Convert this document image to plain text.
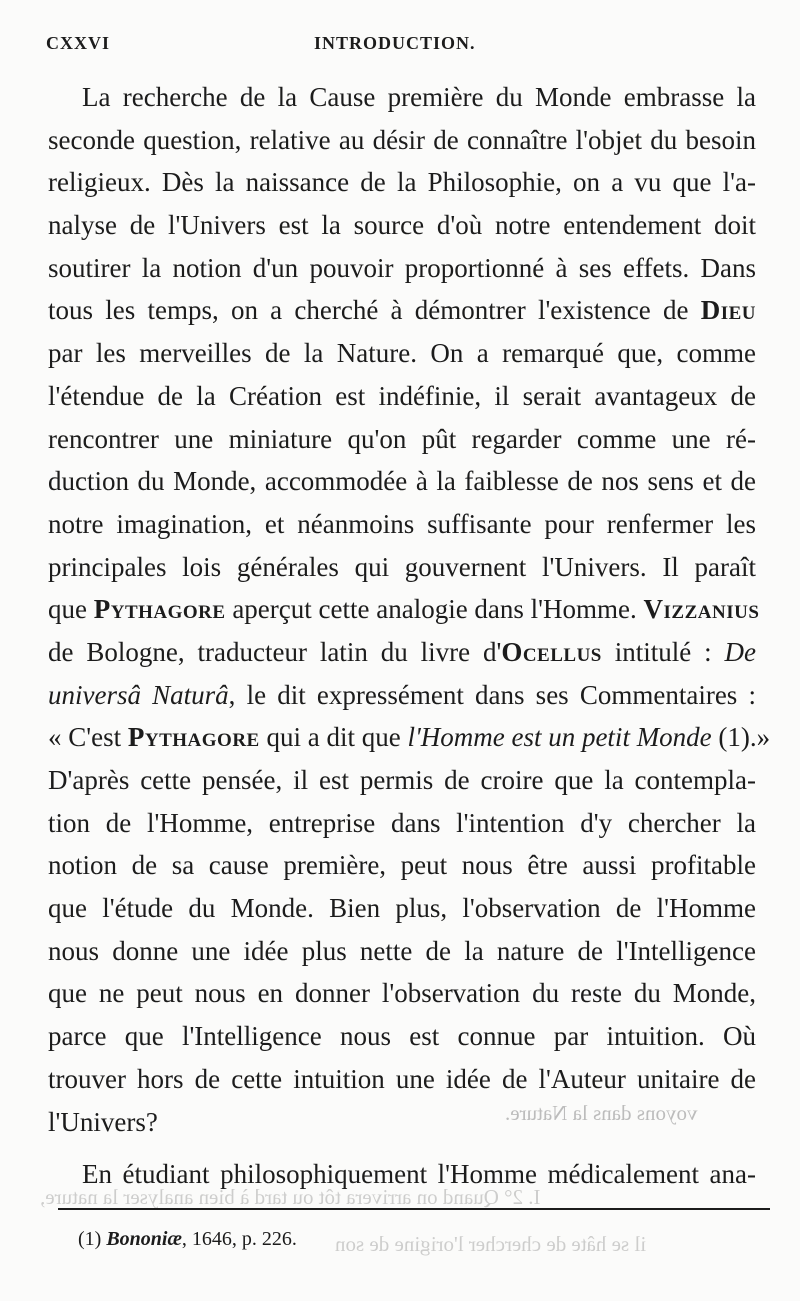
voyons dans la Nature.
I. 2° Quand on arrivera tôt ou tard à bien analyser la nature,
il se hâte de chercher l'origine de son
CXXVI	INTRODUCTION.
La recherche de la Cause première du Monde embrasse la
seconde question, relative au désir de connaître l'objet du besoin
religieux. Dès la naissance de la Philosophie, on a vu que l'a-
nalyse de l'Univers est la source d'où notre entendement doit
soutirer la notion d'un pouvoir proportionné à ses effets. Dans
tous les temps, on a cherché à démontrer l'existence de Dieu
par les merveilles de la Nature. On a remarqué que, comme
l'étendue de la Création est indéfinie, il serait avantageux de
rencontrer une miniature qu'on pût regarder comme une ré-
duction du Monde, accommodée à la faiblesse de nos sens et de
notre imagination, et néanmoins suffisante pour renfermer les
principales lois générales qui gouvernent l'Univers. Il paraît
que Pythagore aperçut cette analogie dans l'Homme. Vizzanius
de Bologne, traducteur latin du livre d'Ocellus intitulé : De
universâ Naturâ, le dit expressément dans ses Commentaires :
« C'est Pythagore qui a dit que l'Homme est un petit Monde (1).»
D'après cette pensée, il est permis de croire que la contempla-
tion de l'Homme, entreprise dans l'intention d'y chercher la
notion de sa cause première, peut nous être aussi profitable
que l'étude du Monde. Bien plus, l'observation de l'Homme
nous donne une idée plus nette de la nature de l'Intelligence
que ne peut nous en donner l'observation du reste du Monde,
parce que l'Intelligence nous est connue par intuition. Où
trouver hors de cette intuition une idée de l'Auteur unitaire de
l'Univers?
En étudiant philosophiquement l'Homme médicalement ana-
(1) Bononiæ, 1646, p. 226.
